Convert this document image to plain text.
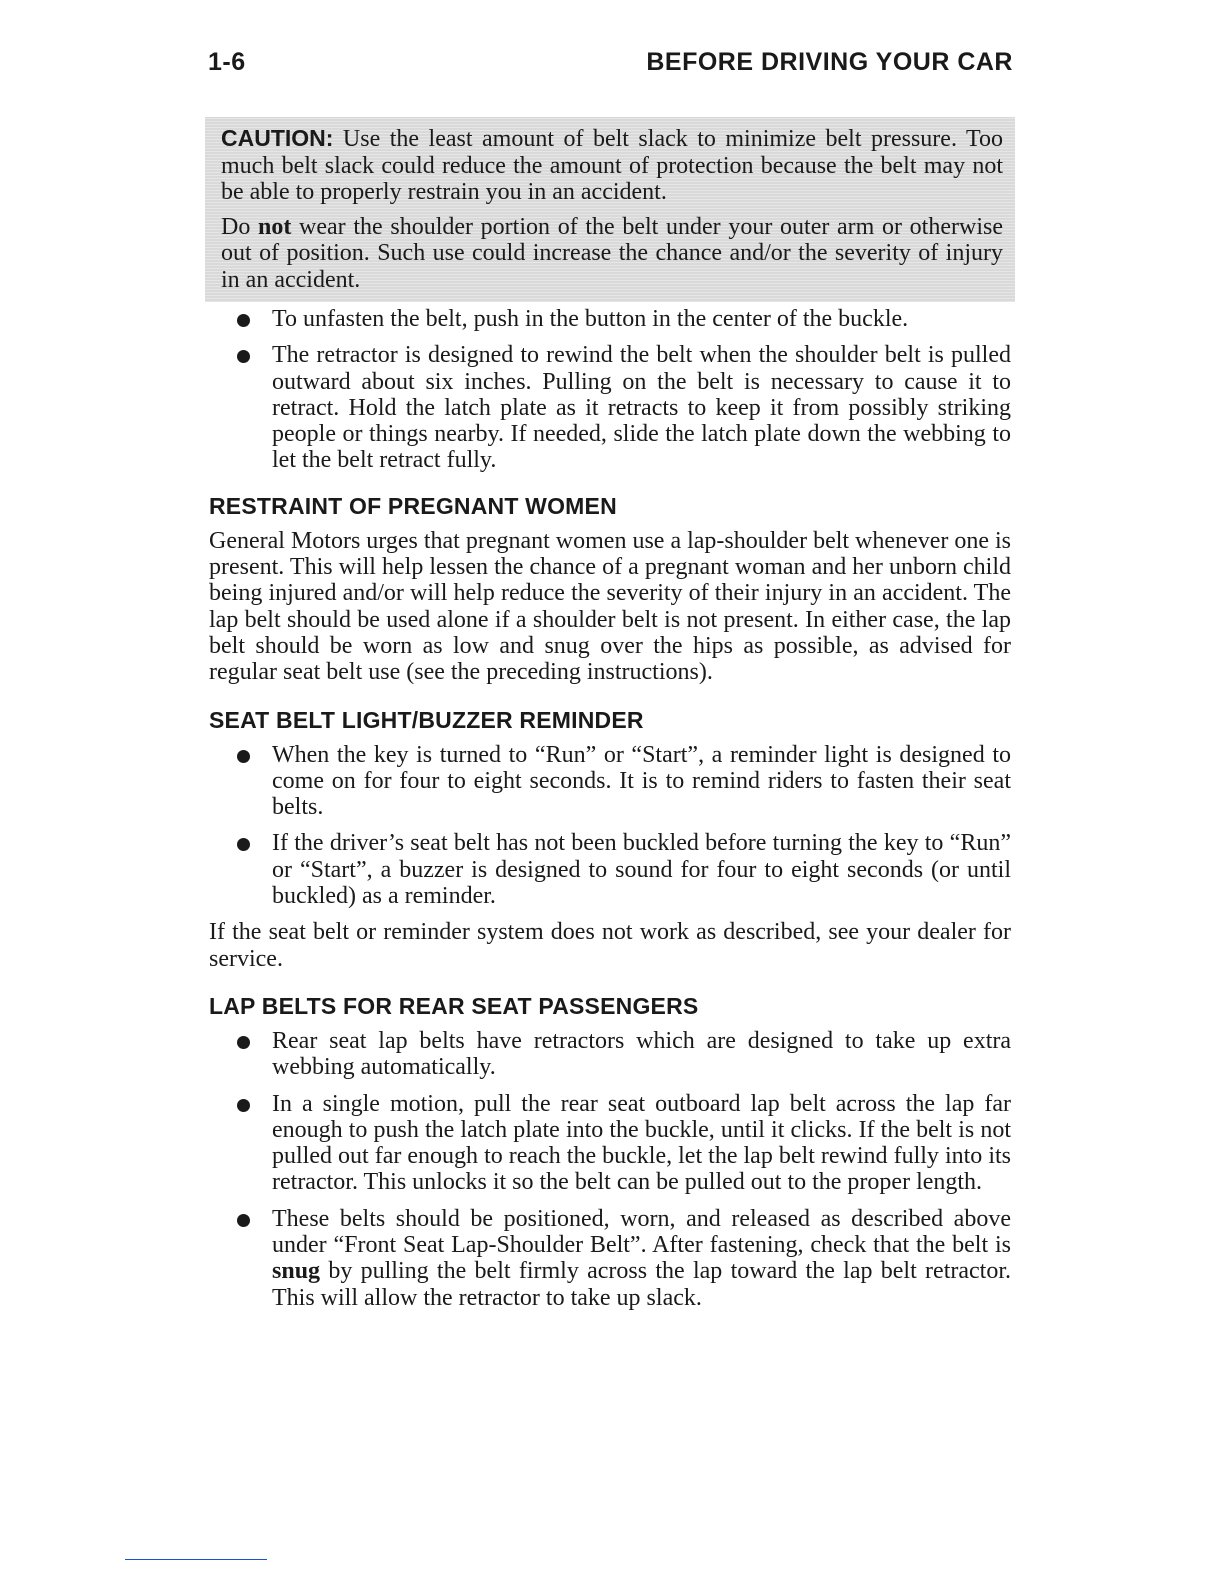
1-6	BEFORE DRIVING YOUR CAR

CAUTION: Use the least amount of belt slack to minimize belt pressure. Too much belt slack could reduce the amount of protection because the belt may not be able to properly restrain you in an accident.

Do not wear the shoulder portion of the belt under your outer arm or otherwise out of position. Such use could increase the chance and/or the severity of injury in an accident.

To unfasten the belt, push in the button in the center of the buckle.
The retractor is designed to rewind the belt when the shoulder belt is pulled outward about six inches. Pulling on the belt is necessary to cause it to retract. Hold the latch plate as it retracts to keep it from possibly striking people or things nearby. If needed, slide the latch plate down the webbing to let the belt retract fully.
RESTRAINT OF PREGNANT WOMEN

General Motors urges that pregnant women use a lap-shoulder belt whenever one is present. This will help lessen the chance of a pregnant woman and her unborn child being injured and/or will help reduce the severity of their injury in an accident. The lap belt should be used alone if a shoulder belt is not present. In either case, the lap belt should be worn as low and snug over the hips as possible, as advised for regular seat belt use (see the preceding instructions).

SEAT BELT LIGHT/BUZZER REMINDER
When the key is turned to “Run” or “Start”, a reminder light is designed to come on for four to eight seconds. It is to remind riders to fasten their seat belts.
If the driver’s seat belt has not been buckled before turning the key to “Run” or “Start”, a buzzer is designed to sound for four to eight seconds (or until buckled) as a reminder.

If the seat belt or reminder system does not work as described, see your dealer for service.

LAP BELTS FOR REAR SEAT PASSENGERS
Rear seat lap belts have retractors which are designed to take up extra webbing automatically.
In a single motion, pull the rear seat outboard lap belt across the lap far enough to push the latch plate into the buckle, until it clicks. If the belt is not pulled out far enough to reach the buckle, let the lap belt rewind fully into its retractor. This unlocks it so the belt can be pulled out to the proper length.
These belts should be positioned, worn, and released as described above under “Front Seat Lap-Shoulder Belt”. After fastening, check that the belt is snug by pulling the belt firmly across the lap toward the lap belt retractor. This will allow the retractor to take up slack.
